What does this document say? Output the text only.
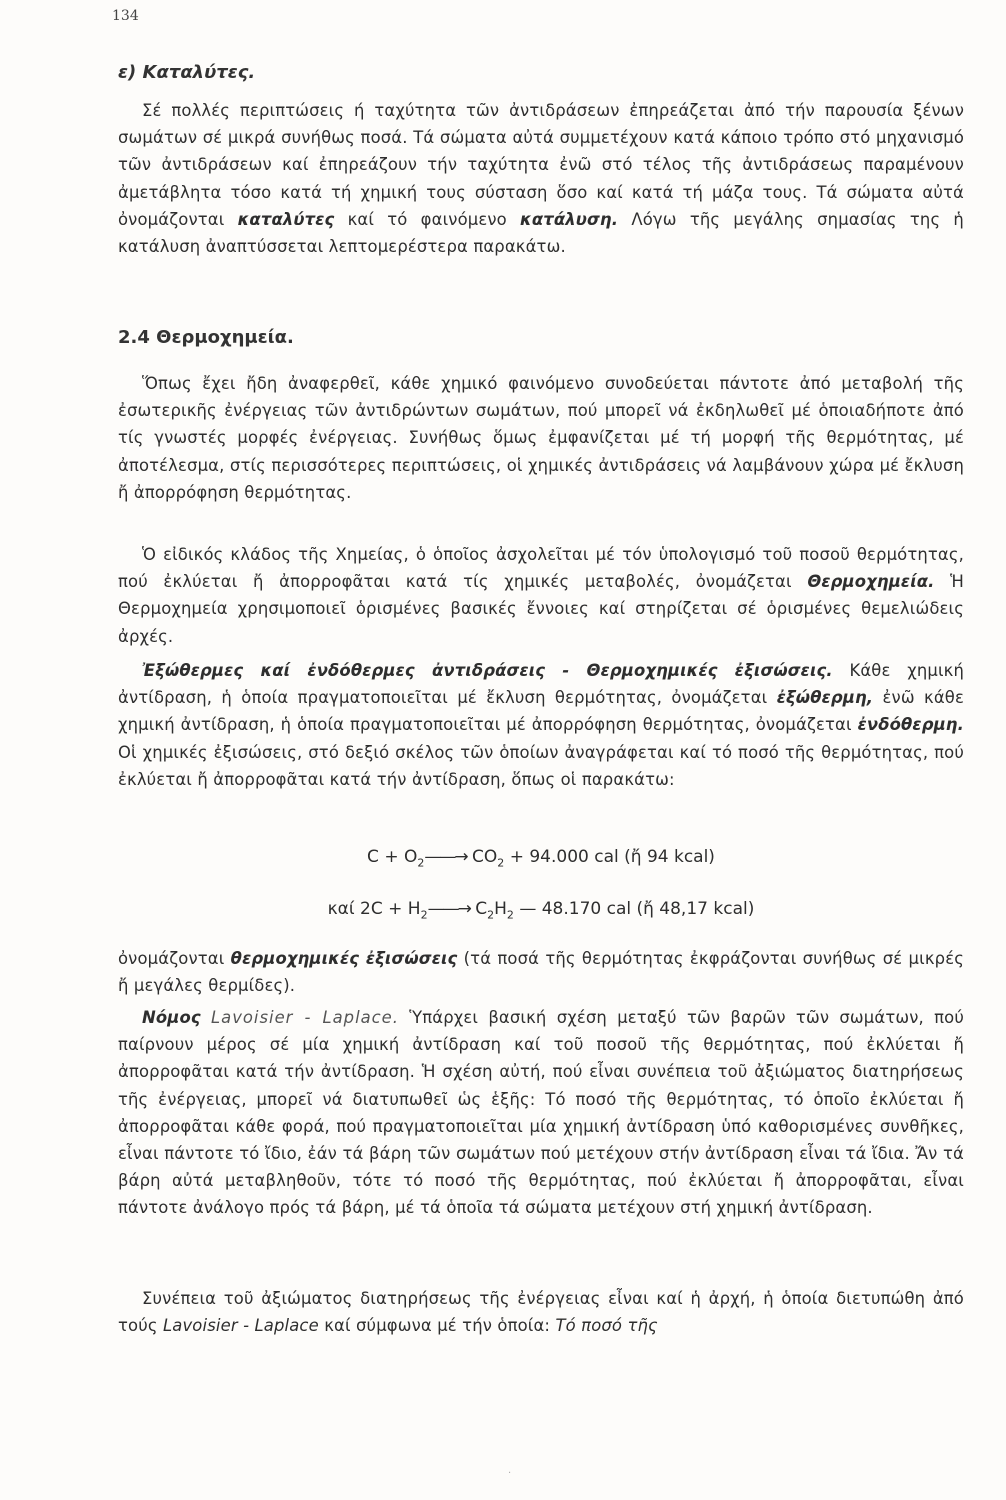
134
ε) Καταλύτες.

Σέ πολλές περιπτώσεις ή ταχύτητα τῶν ἀντιδράσεων ἐπηρεάζεται ἀπό τήν παρουσία ξένων σωμάτων σέ μικρά συνήθως ποσά. Τά σώματα αὐτά συμμετέχουν κατά κάποιο τρόπο στό μηχανισμό τῶν ἀντιδράσεων καί ἐπηρεάζουν τήν ταχύτητα ἐνῶ στό τέλος τῆς ἀντιδράσεως παραμένουν ἀμετάβλητα τόσο κατά τή χημική τους σύσταση ὅσο καί κατά τή μάζα τους. Τά σώματα αὐτά ὀνομάζονται καταλύτες καί τό φαινόμενο κατάλυση. Λόγω τῆς μεγάλης σημασίας της ἡ κατάλυση ἀναπτύσσεται λεπτομερέστερα παρακάτω.

2.4 Θερμοχημεία.

Ὅπως ἔχει ἤδη ἀναφερθεῖ, κάθε χημικό φαινόμενο συνοδεύεται πάντοτε ἀπό μεταβολή τῆς ἐσωτερικῆς ἐνέργειας τῶν ἀντιδρώντων σωμάτων, πού μπορεῖ νά ἐκδηλωθεῖ μέ ὁποιαδήποτε ἀπό τίς γνωστές μορφές ἐνέργειας. Συνήθως ὅμως ἐμφανίζεται μέ τή μορφή τῆς θερμότητας, μέ ἀποτέλεσμα, στίς περισσότερες περιπτώσεις, οἱ χημικές ἀντιδράσεις νά λαμβάνουν χώρα μέ ἔκλυση ἤ ἀπορρόφηση θερμότητας.

Ὁ εἰδικός κλάδος τῆς Χημείας, ὁ ὁποῖος ἀσχολεῖται μέ τόν ὑπολογισμό τοῦ ποσοῦ θερμότητας, πού ἐκλύεται ἤ ἀπορροφᾶται κατά τίς χημικές μεταβολές, ὀνομάζεται Θερμοχημεία. Ἡ Θερμοχημεία χρησιμοποιεῖ ὁρισμένες βασικές ἔννοιες καί στηρίζεται σέ ὁρισμένες θεμελιώδεις ἀρχές.

Ἐξώθερμες καί ἐνδόθερμες ἀντιδράσεις - Θερμοχημικές ἐξισώσεις. Κάθε χημική ἀντίδραση, ἡ ὁποία πραγματοποιεῖται μέ ἔκλυση θερμότητας, ὀνομάζεται ἐξώθερμη, ἐνῶ κάθε χημική ἀντίδραση, ἡ ὁποία πραγματοποιεῖται μέ ἀπορρόφηση θερμότητας, ὀνομάζεται ἐνδόθερμη. Οἱ χημικές ἐξισώσεις, στό δεξιό σκέλος τῶν ὁποίων ἀναγράφεται καί τό ποσό τῆς θερμότητας, πού ἐκλύεται ἤ ἀπορροφᾶται κατά τήν ἀντίδραση, ὅπως οἱ παρακάτω:

$C + O_2——\to CO_2 + 94.000$ cal (ἤ 94 kcal)
καί $2C + H_2——\to C_2H_2$ — 48.170 cal (ἤ 48,17 kcal)

ὀνομάζονται θερμοχημικές ἐξισώσεις (τά ποσά τῆς θερμότητας ἐκφράζονται συνήθως σέ μικρές ἤ μεγάλες θερμίδες).

Νόμος Lavoisier - Laplace. Ὑπάρχει βασική σχέση μεταξύ τῶν βαρῶν τῶν σωμάτων, πού παίρνουν μέρος σέ μία χημική ἀντίδραση καί τοῦ ποσοῦ τῆς θερμότητας, πού ἐκλύεται ἤ ἀπορροφᾶται κατά τήν ἀντίδραση. Ἡ σχέση αὐτή, πού εἶναι συνέπεια τοῦ ἀξιώματος διατηρήσεως τῆς ἐνέργειας, μπορεῖ νά διατυπωθεῖ ὡς ἑξῆς: Τό ποσό τῆς θερμότητας, τό ὁποῖο ἐκλύεται ἤ ἀπορροφᾶται κάθε φορά, πού πραγματοποιεῖται μία χημική ἀντίδραση ὑπό καθορισμένες συνθῆκες, εἶναι πάντοτε τό ἴδιο, ἐάν τά βάρη τῶν σωμάτων πού μετέχουν στήν ἀντίδραση εἶναι τά ἴδια. Ἄν τά βάρη αὐτά μεταβληθοῦν, τότε τό ποσό τῆς θερμότητας, πού ἐκλύεται ἤ ἀπορροφᾶται, εἶναι πάντοτε ἀνάλογο πρός τά βάρη, μέ τά ὁποῖα τά σώματα μετέχουν στή χημική ἀντίδραση.

Συνέπεια τοῦ ἀξιώματος διατηρήσεως τῆς ἐνέργειας εἶναι καί ἡ ἀρχή, ἡ ὁποία διετυπώθη ἀπό τούς Lavoisier - Laplace καί σύμφωνα μέ τήν ὁποία: Τό ποσό τῆς

·
